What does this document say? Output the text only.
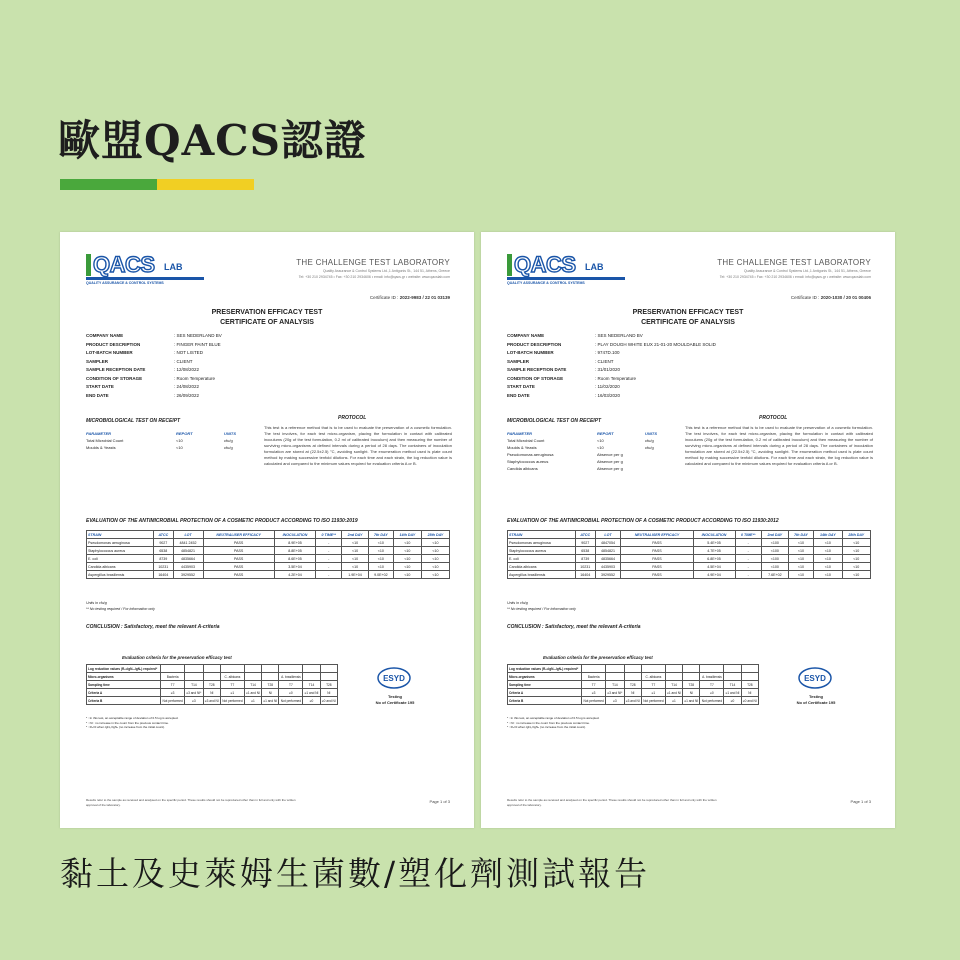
歐盟QACS認證
QACS LAB
QUALITY ASSURANCE & CONTROL SYSTEMS
THE CHALLENGE TEST LABORATORY
Quality Assurance & Control Systems Ltd.,1 Antigonis St., 144 51, Athens, Greece
Tel: +30 210 2934745 • Fax: +30 210 2934606 • email: info@qacs.gr • website: www.qacslab.com
Certificate ID : 2022-9983 / 22 01 03139
PRESERVATION EFFICACY TEST
CERTIFICATE OF ANALYSIS
COMPANY NAME	: SES NEDERLAND BV
PRODUCT DESCRIPTION	: FINGER PAINT BLUE
LOT-BATCH NUMBER	: NOT LISTED
SAMPLER	: CLIENT
SAMPLE RECEPTION DATE	: 12/08/2022
CONDITION OF STORAGE	: Room Temperature
START DATE	: 24/08/2022
END DATE	: 26/09/2022
MICROBIOLOGICAL TEST ON RECEIPT
PARAMETER	REPORT	UNITS
Total Microbial Count	<10	cfu/g
Moulds & Yeasts	<10	cfu/g
PROTOCOL
This test is a reference method that is to be used to evaluate the preservation of a cosmetic formulation. The test involves, for each test micro-organism, placing the formulation in contact with calibrated inoculums (20g of the test formulation, 0.2 ml of calibrated inoculum) and then measuring the number of surviving micro-organisms at defined intervals during a period of 28 days. The containers of inoculation formulation are stored at (22.5±2.5) °C, avoiding sunlight. The enumeration method used is plate count method by making successive tenfold dilutions. For each time and each strain, the log reduction value is calculated and compared to the minimum values required for evaluation criteria A or B.
EVALUATION OF THE ANTIMICROBIAL PROTECTION OF A COSMETIC PRODUCT ACCORDING TO ISO 11930:2019
STRAIN	ATCC	LOT	NEUTRALISER EFFICACY	INOCULATION	0 TIME**	2nd DAY	7th DAY	14th DAY	28th DAY
Pseudomonas aeruginosa	9027	4841 2452	PASS	8.9E+05	-	<10	<10	<10	<10
Staphylococcus aureus	6538	4854821	PASS	8.8E+05	-	<10	<10	<10	<10
E. coli	8739	4835664	PASS	8.6E+05	-	<10	<10	<10	<10
Candida albicans	10231	4435903	PASS	3.5E+04	-	<10	<10	<10	<10
Aspergillus brasiliensis	16404	3929552	PASS	4.2E+04	-	1.9E+04	9.0E+02	<10	<10
Units in cfu/g
** No testing required / For information only
CONCLUSION : Satisfactory, meet the relevant A-criteria
Evaluation criteria for the preservation efficacy test
Log reduction values (Rₓ=lgN₀-lgNₓ) required*									
Micro-organisms	Bacteria			C. albicans			A. brasiliensis		
Sampling time	T7	T14	T28	T7	T14	T28	T7	T14	T28
Criteria A	≥3	≥3 and NI*	NI	≥1	≥1 and NI	NI	≥0	≥1 and NI	NI
Criteria B	Not performed	≥3	≥3 and NI	Not performed	≥1	≥1 and NI	Not performed	≥0	≥0 and NI
* : In this test, an acceptable range of deviation of 0.5 log is accepted.
* : NI : no increase in the count from the previous contact time.
* : Rₓ=0 when lgN₀=lgNₓ (no increase from the initial count).
ESYD
Testing
No of Certificate 195
Results refer to the sample as received and analysed on the specific period. These results should not be reproduced other than in full and only with the written approval of the laboratory.
Page 1 of 3
QACS LAB
QUALITY ASSURANCE & CONTROL SYSTEMS
THE CHALLENGE TEST LABORATORY
Quality Assurance & Control Systems Ltd.,1 Antigonis St., 144 51, Athens, Greece
Tel: +30 210 2934745 • Fax: +30 210 2934606 • email: info@qacs.gr • website: www.qacslab.com
Certificate ID : 2020-1030 / 20 01 00406
PRESERVATION EFFICACY TEST
CERTIFICATE OF ANALYSIS
COMPANY NAME	: SES NEDERLAND BV
PRODUCT DESCRIPTION	: PLAY DOUGH WHITE EUX 21-01-20 MOULDABLE SOLID
LOT-BATCH NUMBER	: 9747D.100
SAMPLER	: CLIENT
SAMPLE RECEPTION DATE	: 31/01/2020
CONDITION OF STORAGE	: Room Temperature
START DATE	: 11/02/2020
END DATE	: 16/03/2020
MICROBIOLOGICAL TEST ON RECEIPT
PARAMETER	REPORT	UNITS
Total Microbial Count	<10	cfu/g
Moulds & Yeasts	<10	cfu/g
Pseudomonas aeruginosa	Absence per g
Staphylococcus aureus	Absence per g
Candida albicans	Absence per g
PROTOCOL
This test is a reference method that is to be used to evaluate the preservation of a cosmetic formulation. The test involves, for each test micro-organism, placing the formulation in contact with calibrated inoculums (20g of the test formulation, 0.2 ml of calibrated inoculum) and then measuring the number of surviving micro-organisms at defined intervals during a period of 28 days. The containers of inoculation formulation are stored at (22.5±2.5) °C, avoiding sunlight. The enumeration method used is plate count method by making successive tenfold dilutions. For each time and each strain, the log reduction value is calculated and compared to the minimum values required for evaluation criteria A or B.
EVALUATION OF THE ANTIMICROBIAL PROTECTION OF A COSMETIC PRODUCT ACCORDING TO ISO 11930:2012
STRAIN	ATCC	LOT	NEUTRALISER EFFICACY	INOCULATION	0 TIME**	2nd DAY	7th DAY	14th DAY	28th DAY
Pseudomonas aeruginosa	9027	4847054	PASS	5.4E+05	-	<100	<10	<10	<10
Staphylococcus aureus	6538	4854821	PASS	4.7E+05	-	<100	<10	<10	<10
E. coli	8739	4835664	PASS	6.8E+05	-	<100	<10	<10	<10
Candida albicans	10231	4435903	PASS	4.5E+04	-	<100	<10	<10	<10
Aspergillus brasiliensis	16404	3929552	PASS	4.9E+04	-	7.6E+02	<10	<10	<10
Units in cfu/g
** No testing required / For information only
CONCLUSION : Satisfactory, meet the relevant A-criteria
Evaluation criteria for the preservation efficacy test
Log reduction values (Rₓ=lgN₀-lgNₓ) required*									
Micro-organisms	Bacteria			C. albicans			A. brasiliensis		
Sampling time	T7	T14	T28	T7	T14	T28	T7	T14	T28
Criteria A	≥3	≥3 and NI*	NI	≥1	≥1 and NI	NI	≥0	≥1 and NI	NI
Criteria B	Not performed	≥3	≥3 and NI	Not performed	≥1	≥1 and NI	Not performed	≥0	≥0 and NI
* : In this test, an acceptable range of deviation of 0.5 log is accepted.
* : NI : no increase in the count from the previous contact time.
* : Rₓ=0 when lgN₀=lgNₓ (no increase from the initial count).
ESYD
Testing
No of Certificate 195
Results refer to the sample as received and analysed on the specific period. These results should not be reproduced other than in full and only with the written approval of the laboratory.
Page 1 of 3
黏土及史萊姆生菌數/塑化劑測試報告
